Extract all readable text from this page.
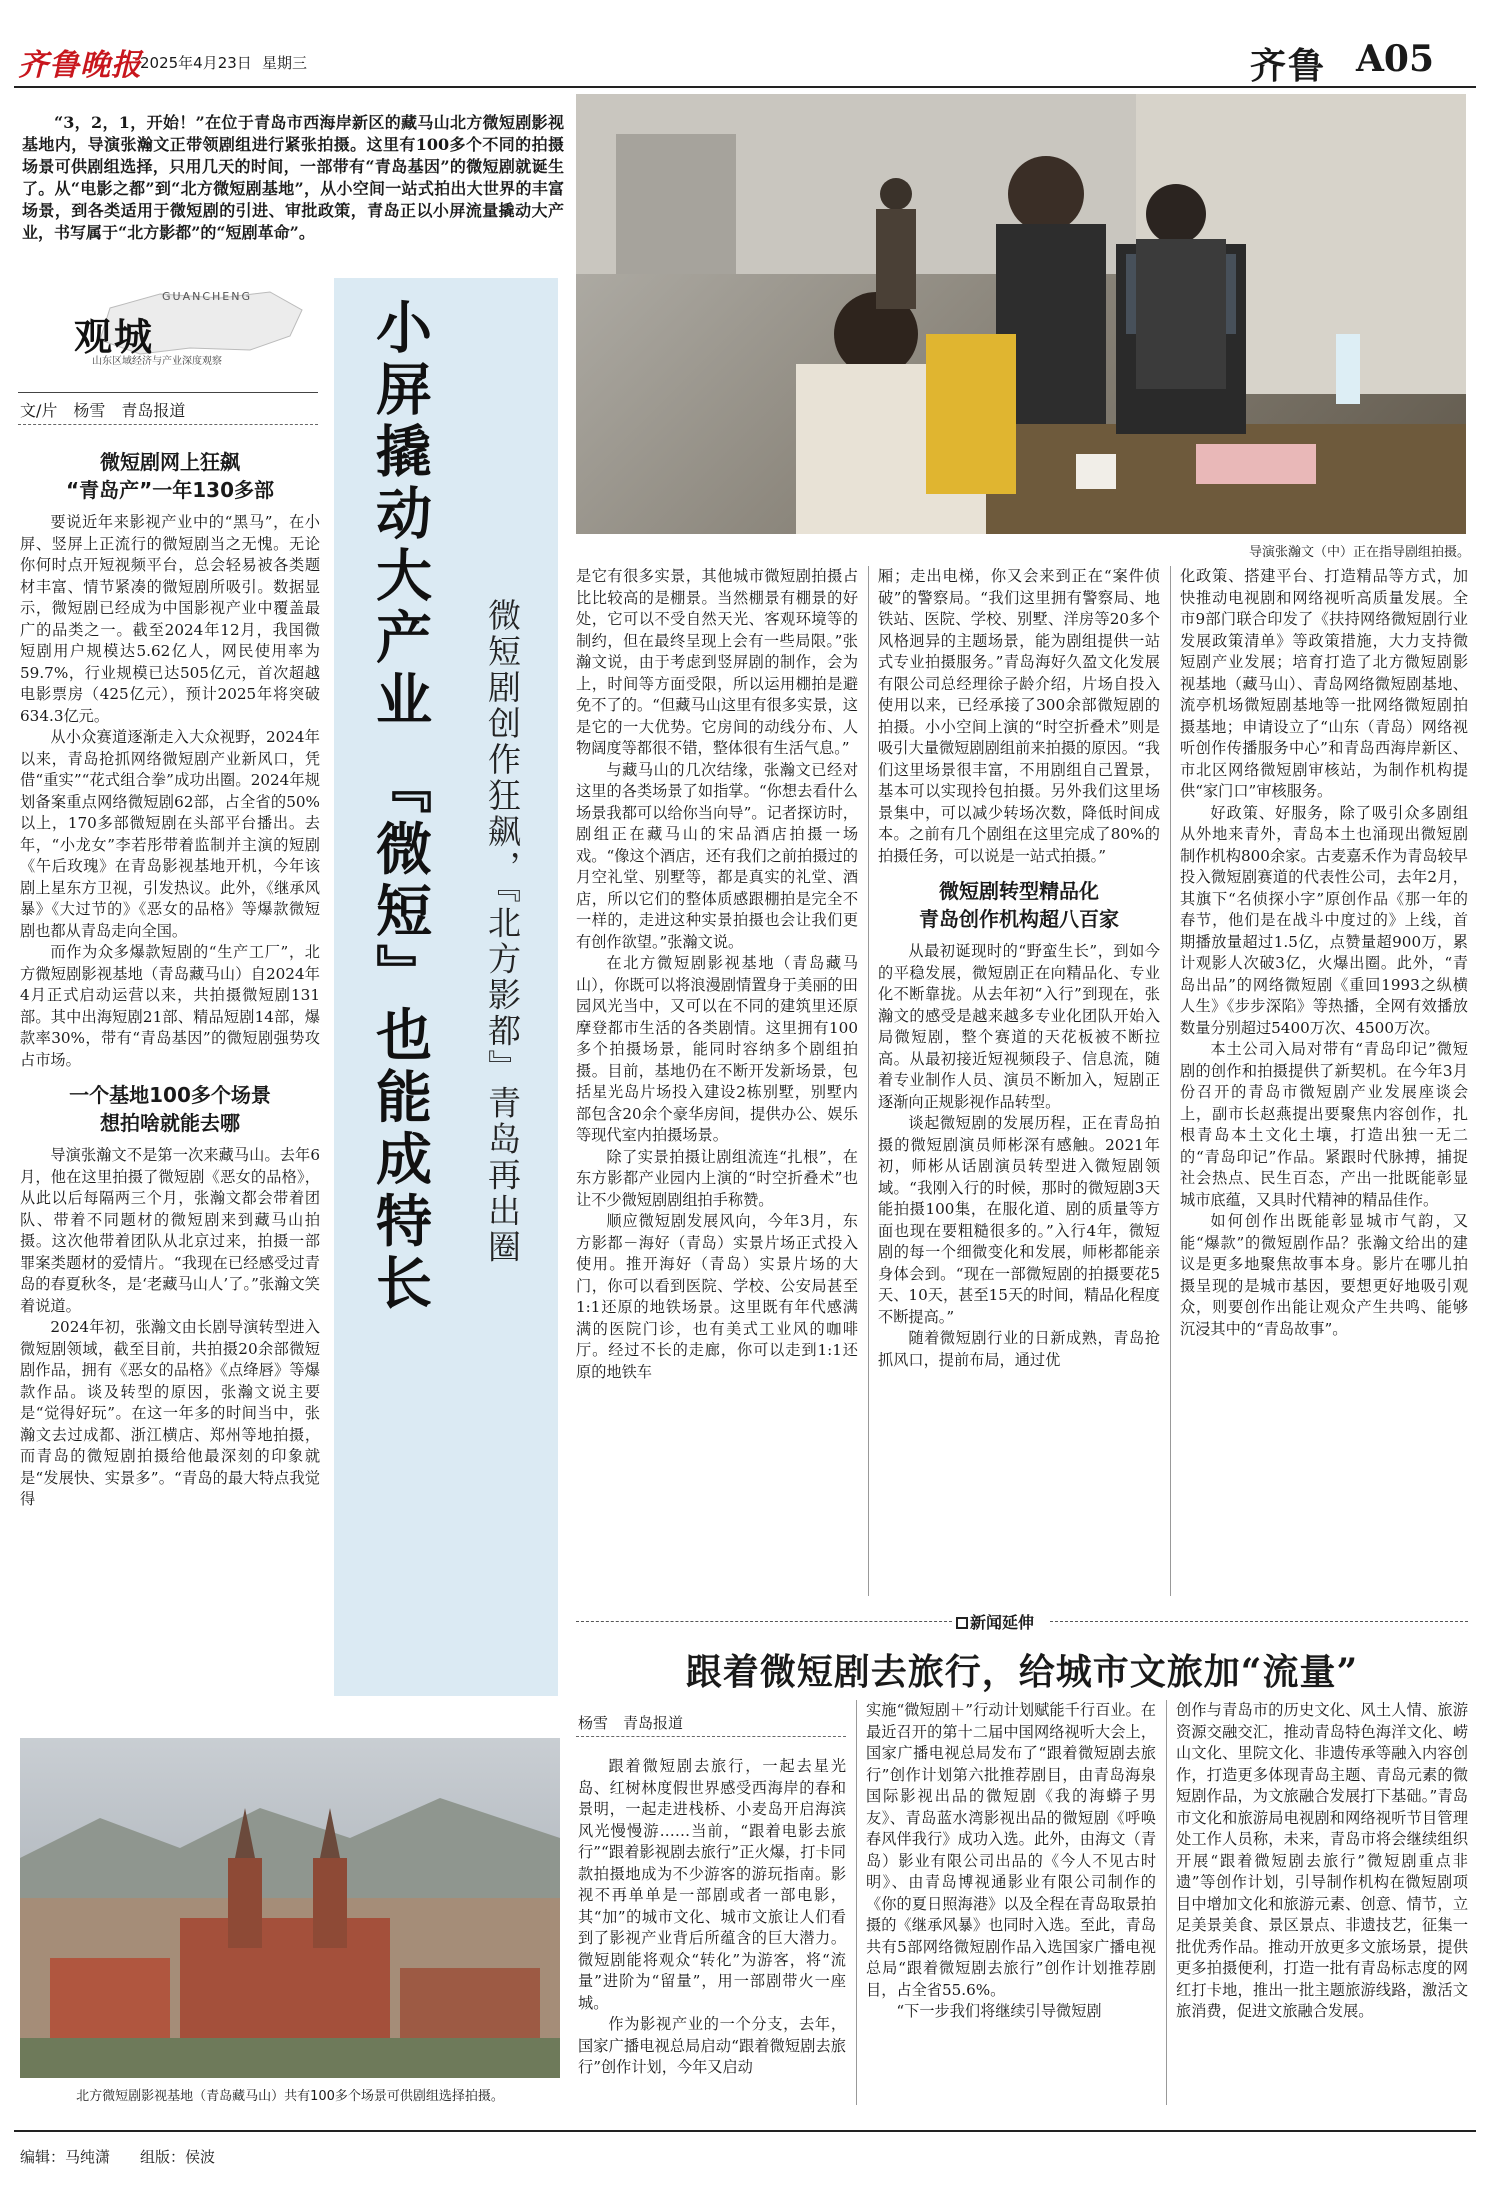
齐鲁晚报
2025年4月23日 星期三	齐鲁 A05
“3，2，1，开始！”在位于青岛市西海岸新区的藏马山北方微短剧影视基地内，导演张瀚文正带领剧组进行紧张拍摄。这里有100多个不同的拍摄场景可供剧组选择，只用几天的时间，一部带有“青岛基因”的微短剧就诞生了。从“电影之都”到“北方微短剧基地”，从小空间一站式拍出大世界的丰富场景，到各类适用于微短剧的引进、审批政策，青岛正以小屏流量撬动大产业，书写属于“北方影都”的“短剧革命”。
导演张瀚文（中）正在指导剧组拍摄。
观城
GUANCHENG
山东区域经济与产业深度观察
文/片　杨雪　青岛报道	小屏撬动大产业 『微短』也能成特长 微短剧创作狂飙，『北方影都』青岛再出圈
微短剧网上狂飙
“青岛产”一年130多部
要说近年来影视产业中的“黑马”，在小屏、竖屏上正流行的微短剧当之无愧。无论你何时点开短视频平台，总会轻易被各类题材丰富、情节紧凑的微短剧所吸引。数据显示，微短剧已经成为中国影视产业中覆盖最广的品类之一。截至2024年12月，我国微短剧用户规模达5.62亿人，网民使用率为59.7%，行业规模已达505亿元，首次超越电影票房（425亿元），预计2025年将突破634.3亿元。
从小众赛道逐渐走入大众视野，2024年以来，青岛抢抓网络微短剧产业新风口，凭借“重实”“花式组合拳”成功出圈。2024年规划备案重点网络微短剧62部，占全省的50%以上，170多部微短剧在头部平台播出。去年，“小龙女”李若彤带着监制并主演的短剧《午后玫瑰》在青岛影视基地开机，今年该剧上星东方卫视，引发热议。此外，《继承风暴》《大过节的》《恶女的品格》等爆款微短剧也都从青岛走向全国。
而作为众多爆款短剧的“生产工厂”，北方微短剧影视基地（青岛藏马山）自2024年4月正式启动运营以来，共拍摄微短剧131部。其中出海短剧21部、精品短剧14部，爆款率30%，带有“青岛基因”的微短剧强势攻占市场。
一个基地100多个场景
想拍啥就能去哪
导演张瀚文不是第一次来藏马山。去年6月，他在这里拍摄了微短剧《恶女的品格》，从此以后每隔两三个月，张瀚文都会带着团队、带着不同题材的微短剧来到藏马山拍摄。这次他带着团队从北京过来，拍摄一部罪案类题材的爱情片。“我现在已经感受过青岛的春夏秋冬，是‘老藏马山人’了。”张瀚文笑着说道。
2024年初，张瀚文由长剧导演转型进入微短剧领域，截至目前，共拍摄20余部微短剧作品，拥有《恶女的品格》《点绛唇》等爆款作品。谈及转型的原因，张瀚文说主要是“觉得好玩”。在这一年多的时间当中，张瀚文去过成都、浙江横店、郑州等地拍摄，而青岛的微短剧拍摄给他最深刻的印象就是“发展快、实景多”。“青岛的最大特点我觉得
是它有很多实景，其他城市微短剧拍摄占比比较高的是棚景。当然棚景有棚景的好处，它可以不受自然天光、客观环境等的制约，但在最终呈现上会有一些局限。”张瀚文说，由于考虑到竖屏剧的制作，会为上，时间等方面受限，所以运用棚拍是避免不了的。“但藏马山这里有很多实景，这是它的一大优势。它房间的动线分布、人物阔度等都很不错，整体很有生活气息。”
与藏马山的几次结缘，张瀚文已经对这里的各类场景了如指掌。“你想去看什么场景我都可以给你当向导”。记者探访时，剧组正在藏马山的宋品酒店拍摄一场戏。“像这个酒店，还有我们之前拍摄过的月空礼堂、别墅等，都是真实的礼堂、酒店，所以它们的整体质感跟棚拍是完全不一样的，走进这种实景拍摄也会让我们更有创作欲望。”张瀚文说。
在北方微短剧影视基地（青岛藏马山），你既可以将浪漫剧情置身于美丽的田园风光当中，又可以在不同的建筑里还原摩登都市生活的各类剧情。这里拥有100多个拍摄场景，能同时容纳多个剧组拍摄。目前，基地仍在不断开发新场景，包括星光岛片场投入建设2栋别墅，别墅内部包含20余个豪华房间，提供办公、娱乐等现代室内拍摄场景。
除了实景拍摄让剧组流连“扎根”，在东方影都产业园内上演的“时空折叠术”也让不少微短剧剧组拍手称赞。
顺应微短剧发展风向，今年3月，东方影都－海好（青岛）实景片场正式投入使用。推开海好（青岛）实景片场的大门，你可以看到医院、学校、公安局甚至1:1还原的地铁场景。这里既有年代感满满的医院门诊，也有美式工业风的咖啡厅。经过不长的走廊，你可以走到1:1还原的地铁车
厢；走出电梯，你又会来到正在“案件侦破”的警察局。“我们这里拥有警察局、地铁站、医院、学校、别墅、洋房等20多个风格迥异的主题场景，能为剧组提供一站式专业拍摄服务。”青岛海好久盈文化发展有限公司总经理徐子龄介绍，片场自投入使用以来，已经承接了300余部微短剧的拍摄。小小空间上演的“时空折叠术”则是吸引大量微短剧剧组前来拍摄的原因。“我们这里场景很丰富，不用剧组自己置景，基本可以实现拎包拍摄。另外我们这里场景集中，可以减少转场次数，降低时间成本。之前有几个剧组在这里完成了80%的拍摄任务，可以说是一站式拍摄。”
微短剧转型精品化
青岛创作机构超八百家
从最初诞现时的“野蛮生长”，到如今的平稳发展，微短剧正在向精品化、专业化不断靠拢。从去年初“入行”到现在，张瀚文的感受是越来越多专业化团队开始入局微短剧，整个赛道的天花板被不断拉高。从最初接近短视频段子、信息流，随着专业制作人员、演员不断加入，短剧正逐渐向正规影视作品转型。
谈起微短剧的发展历程，正在青岛拍摄的微短剧演员师彬深有感触。2021年初，师彬从话剧演员转型进入微短剧领域。“我刚入行的时候，那时的微短剧3天能拍摄100集，在服化道、剧的质量等方面也现在要粗糙很多的。”入行4年，微短剧的每一个细微变化和发展，师彬都能亲身体会到。“现在一部微短剧的拍摄要花5天、10天，甚至15天的时间，精品化程度不断提高。”
随着微短剧行业的日新成熟，青岛抢抓风口，提前布局，通过优
化政策、搭建平台、打造精品等方式，加快推动电视剧和网络视听高质量发展。全市9部门联合印发了《扶持网络微短剧行业发展政策清单》等政策措施，大力支持微短剧产业发展；培育打造了北方微短剧影视基地（藏马山）、青岛网络微短剧基地、流亭机场微短剧基地等一批网络微短剧拍摄基地；申请设立了“山东（青岛）网络视听创作传播服务中心”和青岛西海岸新区、市北区网络微短剧审核站，为制作机构提供“家门口”审核服务。
好政策、好服务，除了吸引众多剧组从外地来青外，青岛本土也涌现出微短剧制作机构800余家。古麦嘉禾作为青岛较早投入微短剧赛道的代表性公司，去年2月，其旗下“名侦探小字”原创作品《那一年的春节，他们是在战斗中度过的》上线，首期播放量超过1.5亿，点赞量超900万，累计观影人次破3亿，火爆出圈。此外，“青岛出品”的网络微短剧《重回1993之纵横人生》《步步深陷》等热播，全网有效播放数量分别超过5400万次、4500万次。
本土公司入局对带有“青岛印记”微短剧的创作和拍摄提供了新契机。在今年3月份召开的青岛市微短剧产业发展座谈会上，副市长赵燕提出要聚焦内容创作，扎根青岛本土文化土壤，打造出独一无二的“青岛印记”作品。紧跟时代脉搏，捕捉社会热点、民生百态，产出一批既能彰显城市底蕴，又具时代精神的精品佳作。
如何创作出既能彰显城市气韵，又能“爆款”的微短剧作品？张瀚文给出的建议是更多地聚焦故事本身。影片在哪儿拍摄呈现的是城市基因，要想更好地吸引观众，则要创作出能让观众产生共鸣、能够沉浸其中的“青岛故事”。
新闻延伸
跟着微短剧去旅行，给城市文旅加“流量”
杨雪　青岛报道
北方微短剧影视基地（青岛藏马山）共有100多个场景可供剧组选择拍摄。
跟着微短剧去旅行，一起去星光岛、红树林度假世界感受西海岸的春和景明，一起走进栈桥、小麦岛开启海滨风光慢慢游……当前，“跟着电影去旅行”“跟着影视剧去旅行”正火爆，打卡同款拍摄地成为不少游客的游玩指南。影视不再单单是一部剧或者一部电影，其“加”的城市文化、城市文旅让人们看到了影视产业背后所蕴含的巨大潜力。微短剧能将观众“转化”为游客，将“流量”进阶为“留量”，用一部剧带火一座城。
作为影视产业的一个分支，去年，国家广播电视总局启动“跟着微短剧去旅行”创作计划，今年又启动
实施“微短剧＋”行动计划赋能千行百业。在最近召开的第十二届中国网络视听大会上，国家广播电视总局发布了“跟着微短剧去旅行”创作计划第六批推荐剧目，由青岛海泉国际影视出品的微短剧《我的海蟒子男友》、青岛蓝水湾影视出品的微短剧《呼唤春风伴我行》成功入选。此外，由海文（青岛）影业有限公司出品的《今人不见古时明》、由青岛博视通影业有限公司制作的《你的夏日照海港》以及全程在青岛取景拍摄的《继承风暴》也同时入选。至此，青岛共有5部网络微短剧作品入选国家广播电视总局“跟着微短剧去旅行”创作计划推荐剧目，占全省55.6%。
“下一步我们将继续引导微短剧
创作与青岛市的历史文化、风土人情、旅游资源交融交汇，推动青岛特色海洋文化、崂山文化、里院文化、非遗传承等融入内容创作，打造更多体现青岛主题、青岛元素的微短剧作品，为文旅融合发展打下基础。”青岛市文化和旅游局电视剧和网络视听节目管理处工作人员称，未来，青岛市将会继续组织开展“跟着微短剧去旅行”微短剧重点非遗”等创作计划，引导制作机构在微短剧项目中增加文化和旅游元素、创意、情节，立足美景美食、景区景点、非遗技艺，征集一批优秀作品。推动开放更多文旅场景，提供更多拍摄便利，打造一批有青岛标志度的网红打卡地，推出一批主题旅游线路，激活文旅消费，促进文旅融合发展。
编辑：马纯潇 组版：侯波
